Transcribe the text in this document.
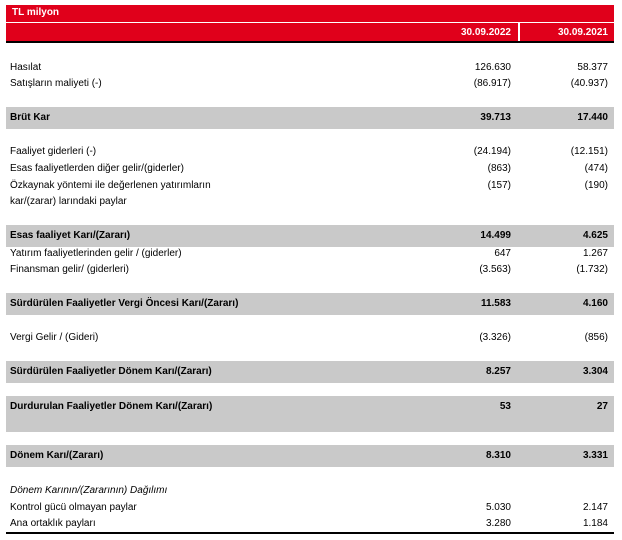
TL milyon
30.09.2022	30.09.2021
Hasılat	126.630	58.377
Satışların maliyeti (-)	(86.917)	(40.937)
Brüt Kar	39.713	17.440
Faaliyet giderleri (-)	(24.194)	(12.151)
Esas faaliyetlerden diğer gelir/(giderler)	(863)	(474)
Özkaynak yöntemi ile değerlenen yatırımların	(157)	(190)
kar/(zarar) larındaki paylar
Esas faaliyet Karı/(Zararı)	14.499	4.625
Yatırım faaliyetlerinden gelir / (giderler)	647	1.267
Finansman gelir/ (giderleri)	(3.563)	(1.732)
Sürdürülen Faaliyetler Vergi Öncesi Karı/(Zararı)	11.583	4.160
Vergi Gelir / (Gideri)	(3.326)	(856)
Sürdürülen Faaliyetler Dönem Karı/(Zararı)	8.257	3.304
Durdurulan Faaliyetler Dönem Karı/(Zararı)	53	27
Dönem Karı/(Zararı)	8.310	3.331
Dönem Karının/(Zararının) Dağılımı
Kontrol gücü olmayan paylar	5.030	2.147
Ana ortaklık payları	3.280	1.184
